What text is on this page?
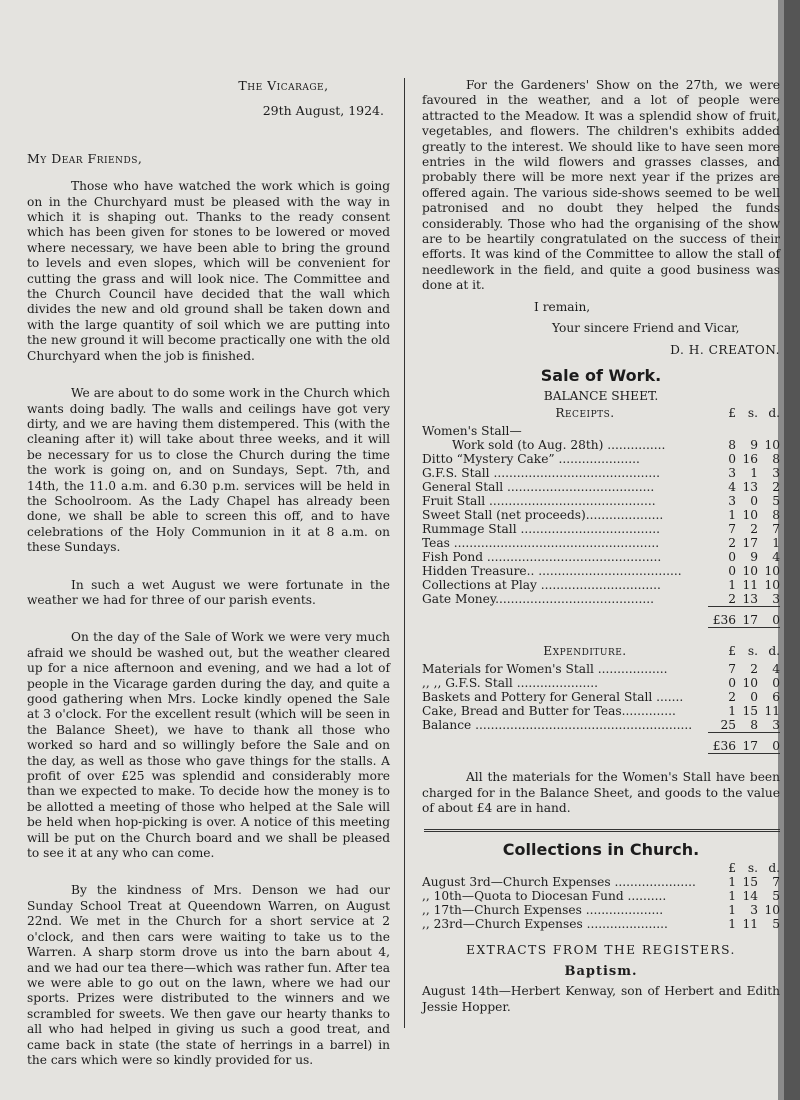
The Vicarage,

29th August, 1924.

My Dear Friends,

Those who have watched the work which is going on in the Churchyard must be pleased with the way in which it is shaping out. Thanks to the ready consent which has been given for stones to be lowered or moved where necessary, we have been able to bring the ground to levels and even slopes, which will be convenient for cutting the grass and will look nice. The Committee and the Church Council have decided that the wall which divides the new and old ground shall be taken down and with the large quantity of soil which we are putting into the new ground it will become practically one with the old Churchyard when the job is finished.

We are about to do some work in the Church which wants doing badly. The walls and ceilings have got very dirty, and we are having them distempered. This (with the cleaning after it) will take about three weeks, and it will be necessary for us to close the Church during the time the work is going on, and on Sundays, Sept. 7th, and 14th, the 11.0 a.m. and 6.30 p.m. services will be held in the Schoolroom. As the Lady Chapel has already been done, we shall be able to screen this off, and to have celebrations of the Holy Communion in it at 8 a.m. on these Sundays.

In such a wet August we were fortunate in the weather we had for three of our parish events.

On the day of the Sale of Work we were very much afraid we should be washed out, but the weather cleared up for a nice afternoon and evening, and we had a lot of people in the Vicarage garden during the day, and quite a good gathering when Mrs. Locke kindly opened the Sale at 3 o'clock. For the excellent result (which will be seen in the Balance Sheet), we have to thank all those who worked so hard and so willingly before the Sale and on the day, as well as those who gave things for the stalls. A profit of over £25 was splendid and considerably more than we expected to make. To decide how the money is to be allotted a meeting of those who helped at the Sale will be held when hop-picking is over. A notice of this meeting will be put on the Church board and we shall be pleased to see it at any who can come.

By the kindness of Mrs. Denson we had our Sunday School Treat at Queendown Warren, on August 22nd. We met in the Church for a short service at 2 o'clock, and then cars were waiting to take us to the Warren. A sharp storm drove us into the barn about 4, and we had our tea there—which was rather fun. After tea we were able to go out on the lawn, where we had our sports. Prizes were distributed to the winners and we scrambled for sweets. We then gave our hearty thanks to all who had helped in giving us such a good treat, and came back in state (the state of herrings in a barrel) in the cars which were so kindly provided for us.

For the Gardeners' Show on the 27th, we were favoured in the weather, and a lot of people were attracted to the Meadow. It was a splendid show of fruit, vegetables, and flowers. The children's exhibits added greatly to the interest. We should like to have seen more entries in the wild flowers and grasses classes, and probably there will be more next year if the prizes are offered again. The various side-shows seemed to be well patronised and no doubt they helped the funds considerably. Those who had the organising of the show are to be heartily congratulated on the success of their efforts. It was kind of the Committee to allow the stall of needlework in the field, and quite a good business was done at it.

I remain,

Your sincere Friend and Vicar,

D. H. CREATON.

Sale of Work.

BALANCE SHEET.

Receipts.	£	s.	d.

Women's Stall—			
Work sold (to Aug. 28th) ...............	8	9	10
Ditto “Mystery Cake” .....................	0	16	8
G.F.S. Stall ...........................................	3	1	3
General Stall ......................................	4	13	2
Fruit Stall ...........................................	3	0	5
Sweet Stall (net proceeds)....................	1	10	8
Rummage Stall ....................................	7	2	7
Teas .....................................................	2	17	1
Fish Pond .............................................	0	9	4
Hidden Treasure.. .....................................	0	10	10
Collections at Play ...............................	1	11	10
Gate Money.........................................	2	13	3

	£36	17	0

Expenditure.	£	s.	d.

Materials for Women's Stall ..................	7	2	4
,, ,, G.F.S. Stall .....................	0	10	0
Baskets and Pottery for General Stall .......	2	0	6
Cake, Bread and Butter for Teas..............	1	15	11
Balance ........................................................	25	8	3

	£36	17	0

All the materials for the Women's Stall have been charged for in the Balance Sheet, and goods to the value of about £4 are in hand.

Collections in Church.
	£	s.	d.
August 3rd—Church Expenses .....................	1	15	7
,, 10th—Quota to Diocesan Fund ..........	1	14	5
,, 17th—Church Expenses ....................	1	3	10
,, 23rd—Church Expenses .....................	1	11	5

EXTRACTS FROM THE REGISTERS.

Baptism.

August 14th—Herbert Kenway, son of Herbert and Edith Jessie Hopper.
